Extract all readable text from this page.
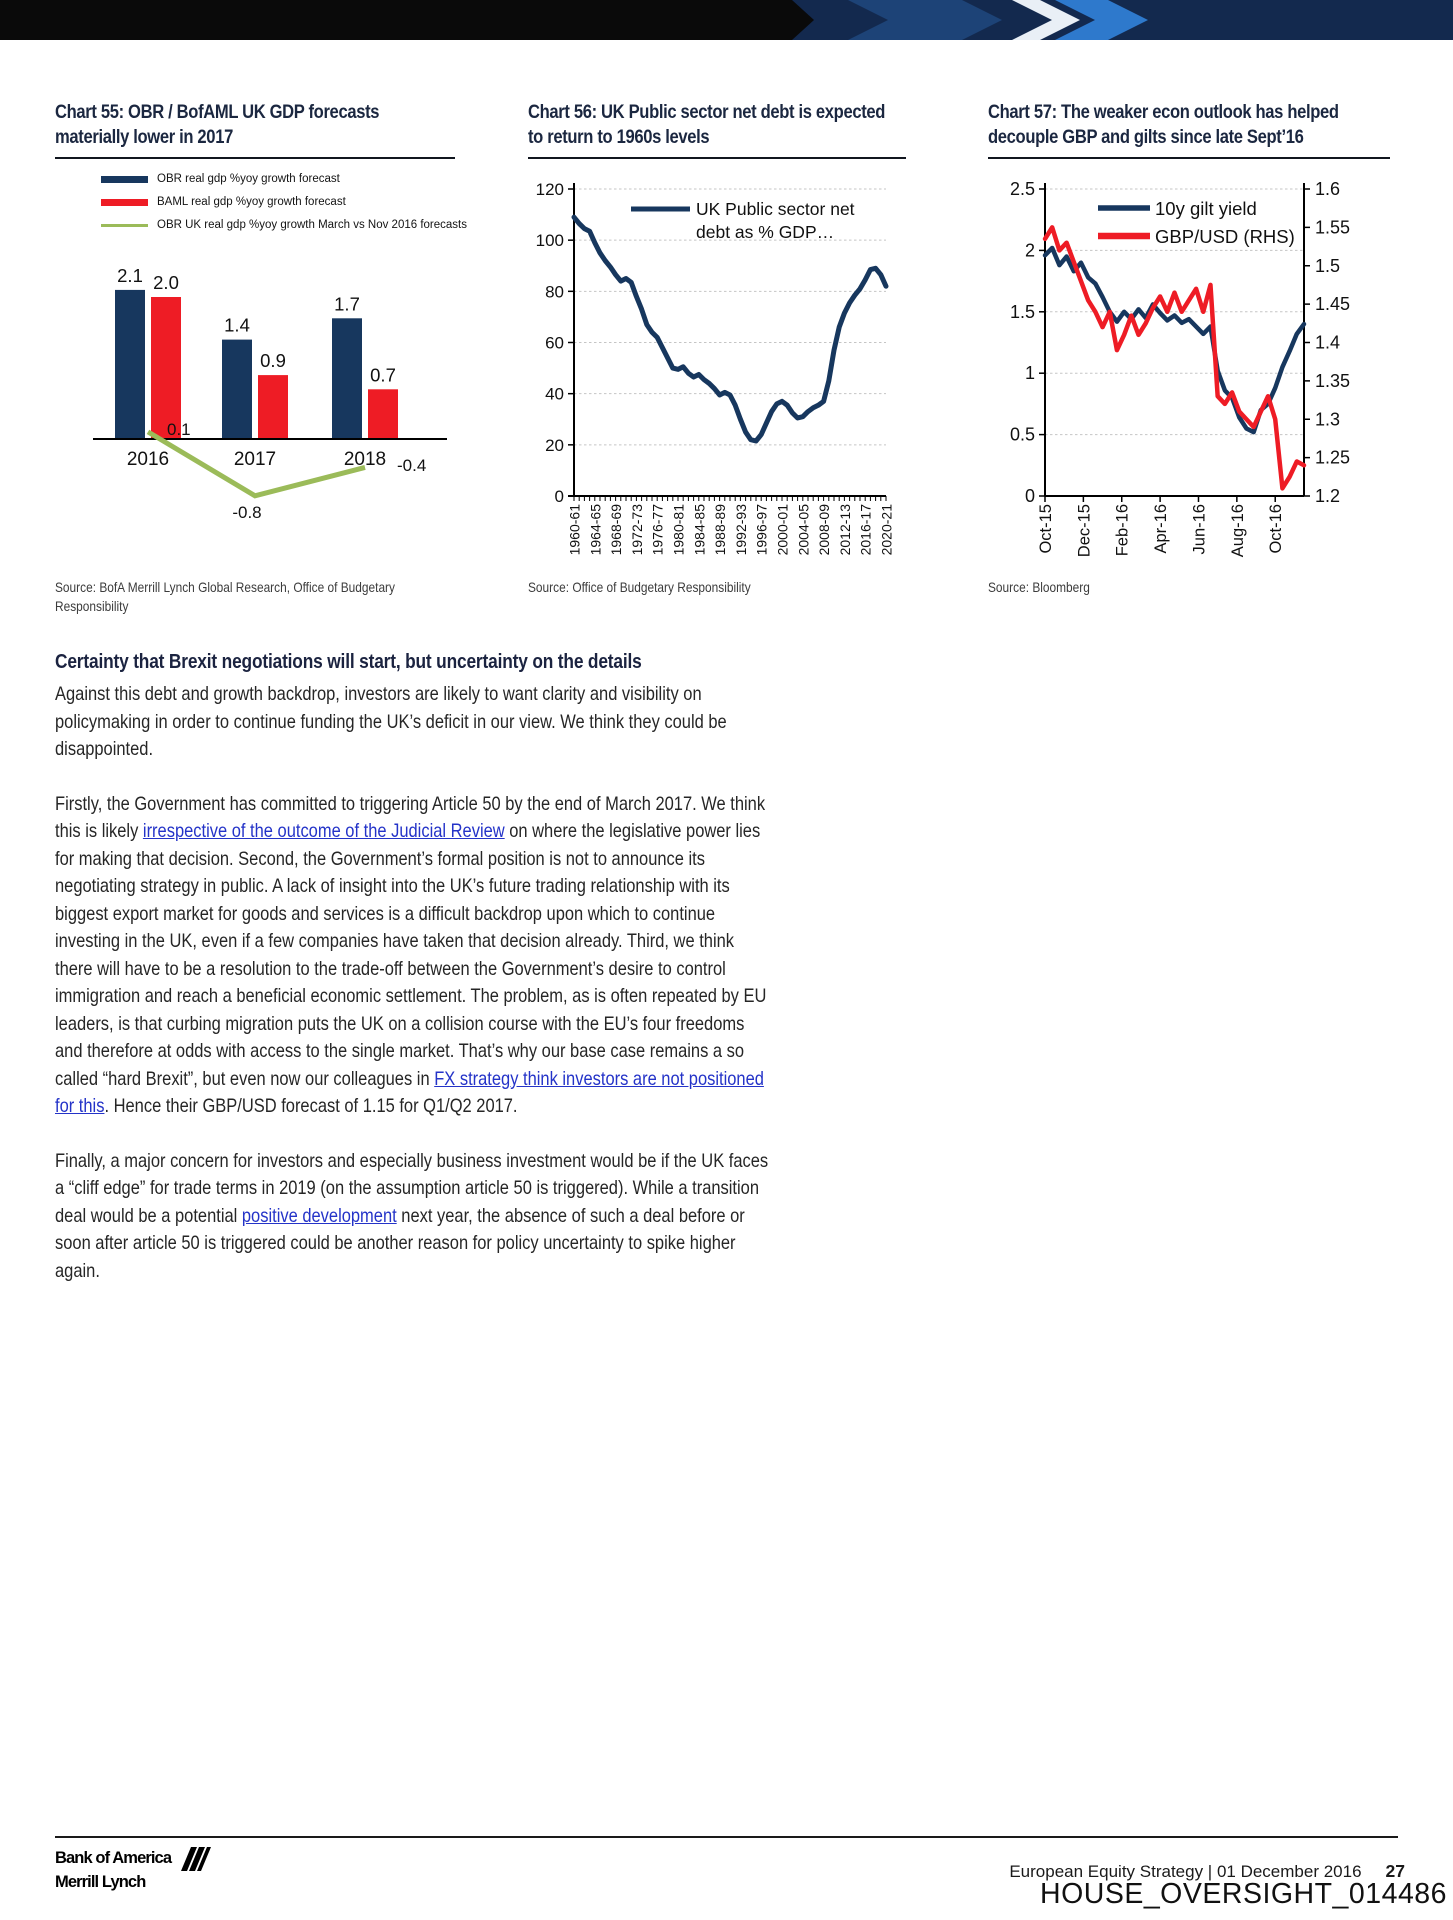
Chart 55: OBR / BofAML UK GDP forecasts
materially lower in 2017
OBR real gdp %yoy growth forecast
BAML real gdp %yoy growth forecast
OBR UK real gdp %yoy growth March vs Nov 2016 forecasts
2.1
1.4
1.7
2.0
0.9
0.7
0.1
-0.8
-0.4
2016	2017	2018
Source: BofA Merrill Lynch Global Research, Office of Budgetary
Responsibility
Chart 56: UK Public sector net debt is expected
to return to 1960s levels
0
20
40
60
80
100
120
1960-61 1964-65 1968-69 1972-73 1976-77 1980-81 1984-85 1988-89 1992-93 1996-97 2000-01 2004-05 2008-09 2012-13 2016-17 2020-21
UK Public sector net
debt as % GDP…
Source: Office of Budgetary Responsibility
Chart 57: The weaker econ outlook has helped
decouple GBP and gilts since late Sept’16
0
0.5
1
1.5
2
2.5	1.6
1.55
1.5
1.45
1.4
1.35
1.3
1.25
1.2
Oct-15 Dec-15 Feb-16 Apr-16 Jun-16 Aug-16 Oct-16
10y gilt yield
GBP/USD (RHS)
Source: Bloomberg
Certainty that Brexit negotiations will start, but uncertainty on the details

Against this debt and growth backdrop, investors are likely to want clarity and visibility on policymaking in order to continue funding the UK’s deficit in our view. We think they could be disappointed.

Firstly, the Government has committed to triggering Article 50 by the end of March 2017. We think this is likely irrespective of the outcome of the Judicial Review on where the legislative power lies for making that decision. Second, the Government’s formal position is not to announce its negotiating strategy in public. A lack of insight into the UK’s future trading relationship with its biggest export market for goods and services is a difficult backdrop upon which to continue investing in the UK, even if a few companies have taken that decision already. Third, we think there will have to be a resolution to the trade-off between the Government’s desire to control immigration and reach a beneficial economic settlement. The problem, as is often repeated by EU leaders, is that curbing migration puts the UK on a collision course with the EU’s four freedoms and therefore at odds with access to the single market. That’s why our base case remains a so called “hard Brexit”, but even now our colleagues in FX strategy think investors are not positioned for this. Hence their GBP/USD forecast of 1.15 for Q1/Q2 2017.

Finally, a major concern for investors and especially business investment would be if the UK faces a “cliff edge” for trade terms in 2019 (on the assumption article 50 is triggered). While a transition deal would be a potential positive development next year, the absence of such a deal before or soon after article 50 is triggered could be another reason for policy uncertainty to spike higher again.

Bank of America
Merrill Lynch
European Equity Strategy | 01 December 2016 27
HOUSE_OVERSIGHT_014486
